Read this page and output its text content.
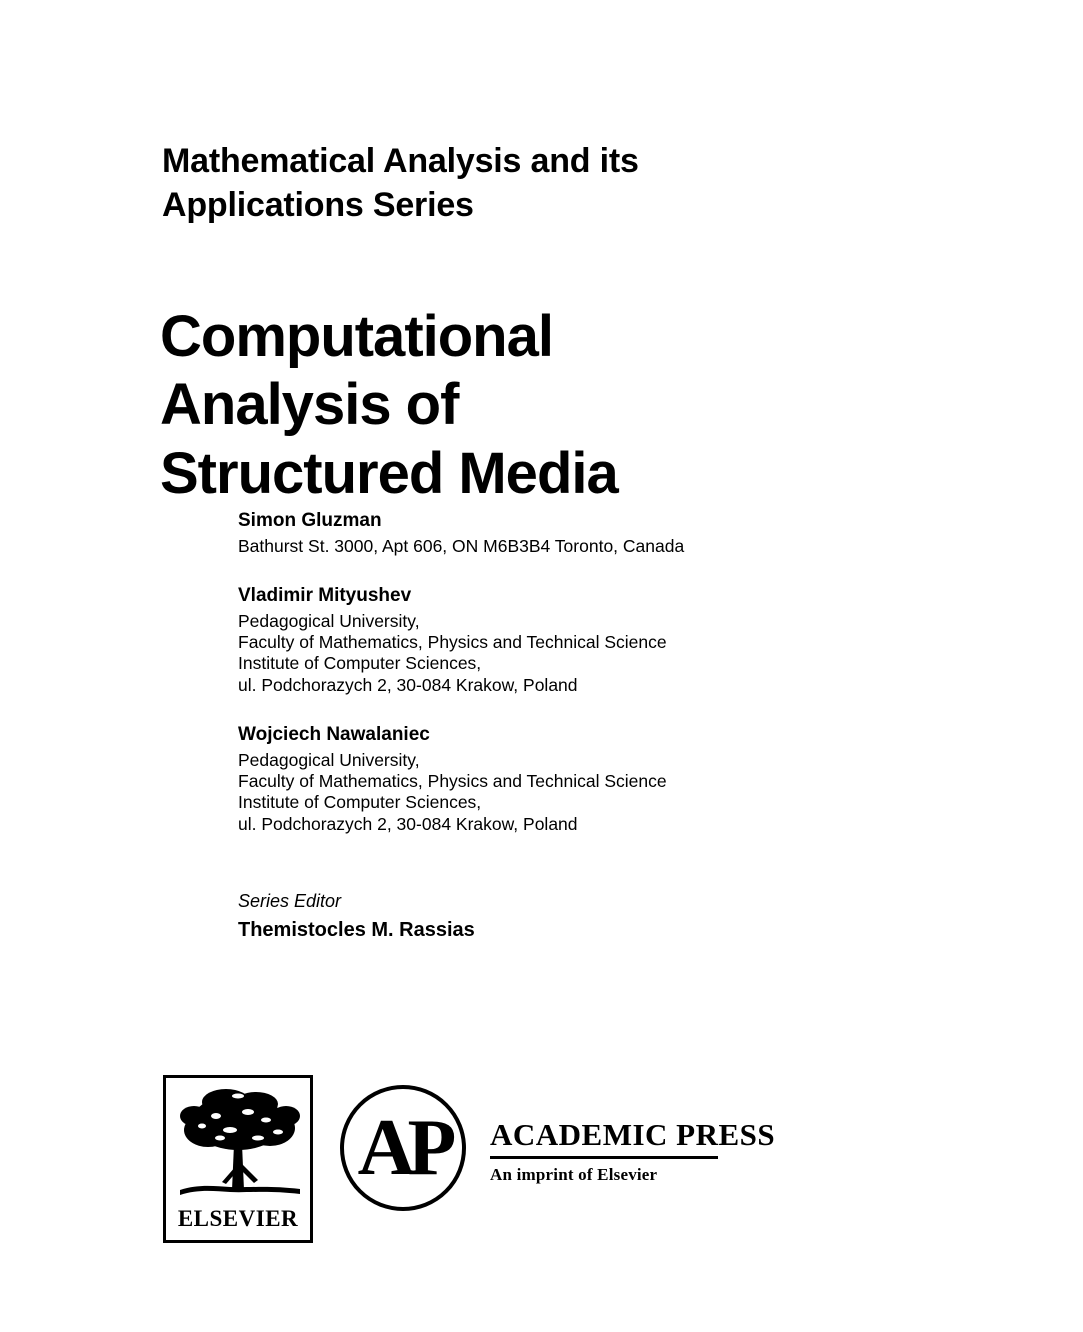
Mathematical Analysis and its
Applications Series
Computational
Analysis of
Structured Media
Simon Gluzman
Bathurst St. 3000, Apt 606, ON M6B3B4 Toronto, Canada
Vladimir Mityushev
Pedagogical University,
Faculty of Mathematics, Physics and Technical Science
Institute of Computer Sciences,
ul. Podchorazych 2, 30-084 Krakow, Poland
Wojciech Nawalaniec
Pedagogical University,
Faculty of Mathematics, Physics and Technical Science
Institute of Computer Sciences,
ul. Podchorazych 2, 30-084 Krakow, Poland
Series Editor
Themistocles M. Rassias
ELSEVIER
AP	ACADEMIC PRESS
An imprint of Elsevier
